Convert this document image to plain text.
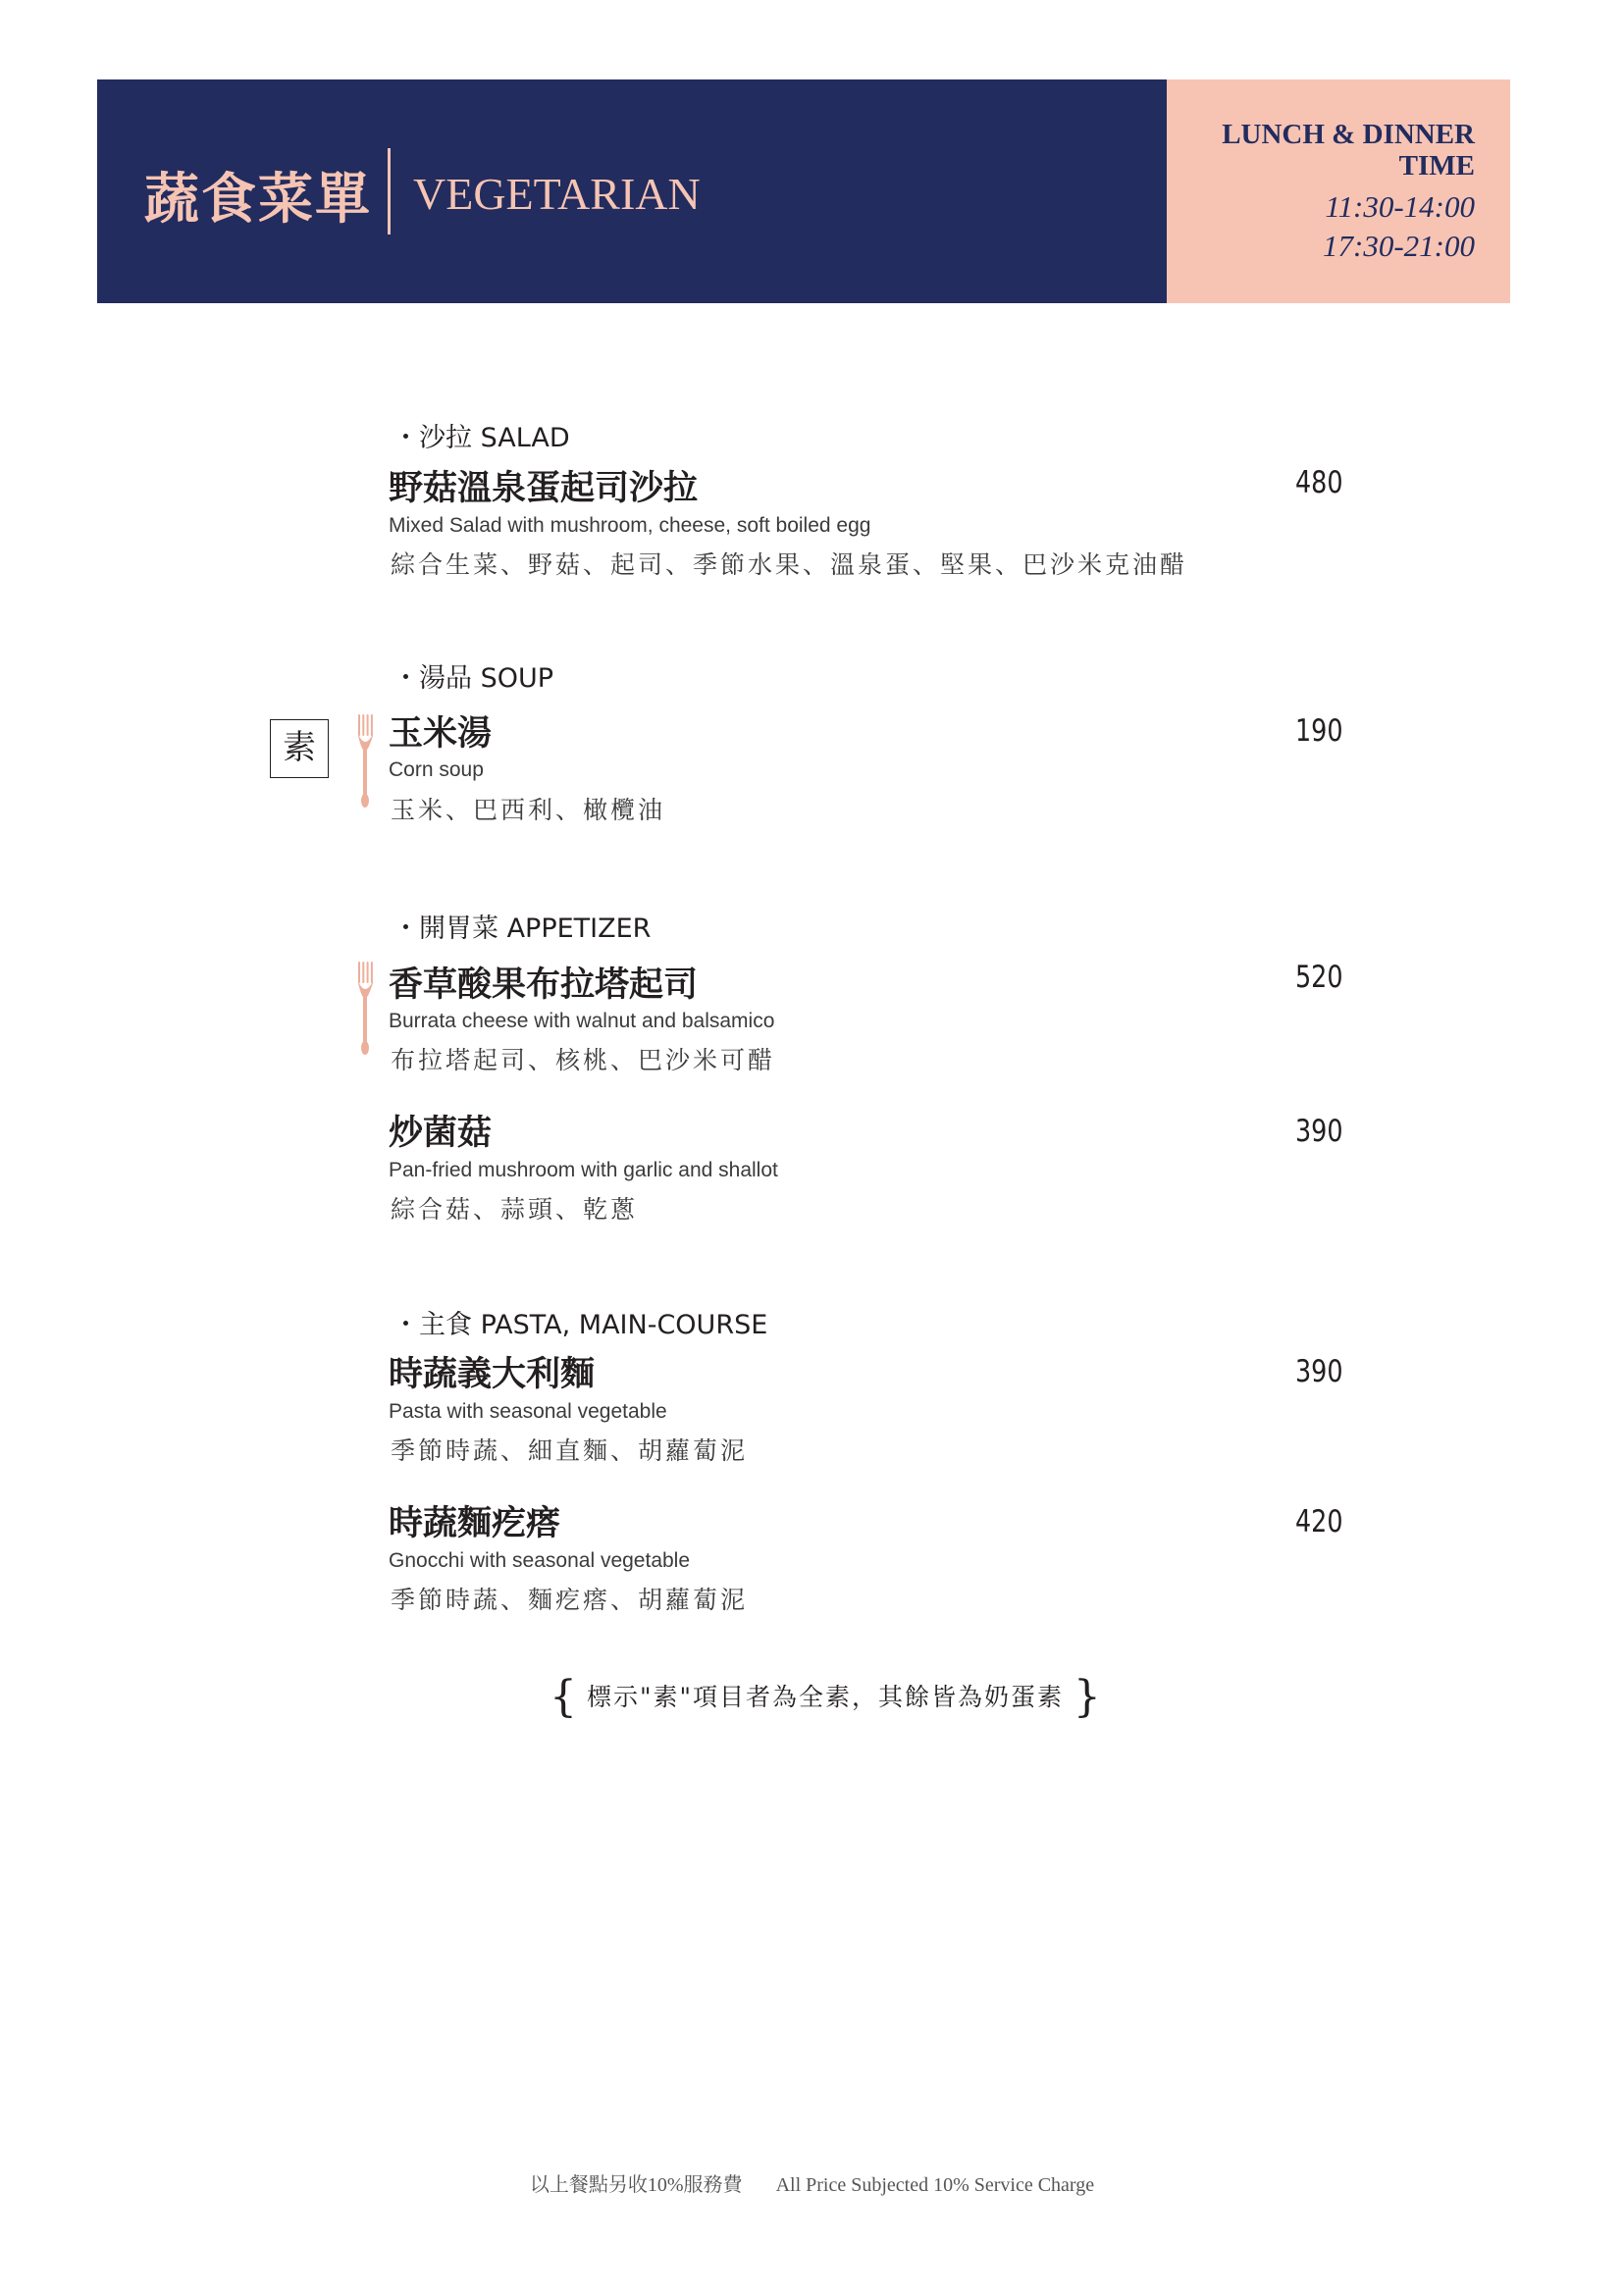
蔬食菜單 VEGETARIAN
LUNCH & DINNER
TIME
11:30-14:00
17:30-21:00
・沙拉 SALAD
野菇溫泉蛋起司沙拉	480
Mixed Salad with mushroom, cheese, soft boiled egg
綜合生菜、野菇、起司、季節水果、溫泉蛋、堅果、巴沙米克油醋
・湯品 SOUP
素	玉米湯	190
Corn soup
玉米、巴西利、橄欖油
・開胃菜 APPETIZER
香草酸果布拉塔起司	520
Burrata cheese with walnut and balsamico
布拉塔起司、核桃、巴沙米可醋
炒菌菇	390
Pan-fried mushroom with garlic and shallot
綜合菇、蒜頭、乾蔥
・主食 PASTA, MAIN-COURSE
時蔬義大利麵	390
Pasta with seasonal vegetable
季節時蔬、細直麵、胡蘿蔔泥
時蔬麵疙瘩	420
Gnocchi with seasonal vegetable
季節時蔬、麵疙瘩、胡蘿蔔泥
{ 標示"素"項目者為全素，其餘皆為奶蛋素 }
以上餐點另收10%服務費 All Price Subjected 10% Service Charge
